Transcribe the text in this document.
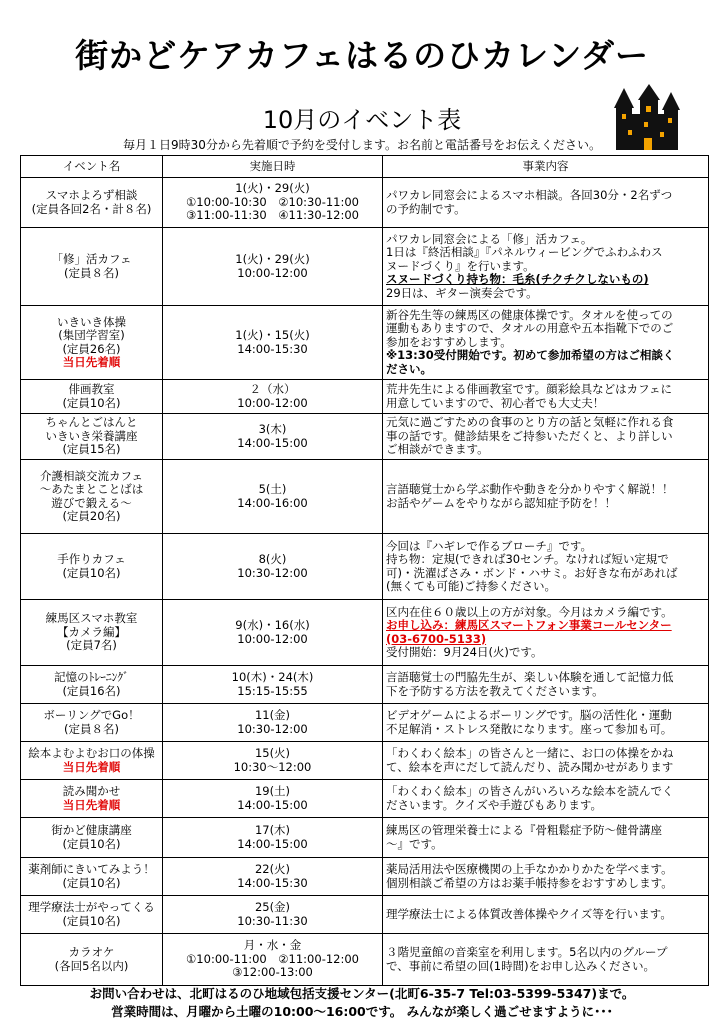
街かどケアカフェはるのひカレンダー
10月のイベント表
毎月１日9時30分から先着順で予約を受付します。お名前と電話番号をお伝えください。
イベント名	実施日時	事業内容

スマホよろず相談
(定員各回2名・計８名)	1(火)・29(火)
①10:00-10:30　②10:30-11:00
③11:00-11:30　④11:30-12:00	パワカレ同窓会によるスマホ相談。各回30分・2名ずつ
の予約制です。

「修」活カフェ
(定員８名)	1(火)・29(火)
10:00-12:00	パワカレ同窓会による「修」活カフェ。
1日は『終活相談』『パネルウィービングでふわふわス
ヌードづくり』を行います。
スヌードづくり持ち物：毛糸(チクチクしないもの)
29日は、ギター演奏会です。

いきいき体操
(集団学習室)
(定員26名)
当日先着順	1(火)・15(火)
14:00-15:30	新谷先生等の練馬区の健康体操です。タオルを使っての
運動もありますので、タオルの用意や五本指靴下でのご
参加をおすすめします。
※13:30受付開始です。初めて参加希望の方はご相談く
ださい。

俳画教室
(定員10名)	２（水）
10:00-12:00	荒井先生による俳画教室です。顔彩絵具などはカフェに
用意していますので、初心者でも大丈夫！

ちゃんとごはんと
いきいき栄養講座
(定員15名)	3(木)
14:00-15:00	元気に過ごすための食事のとり方の話と気軽に作れる食
事の話です。健診結果をご持参いただくと、より詳しい
ご相談ができます。

介護相談交流カフェ
～あたまとことばは
遊びで鍛える～
(定員20名)	5(土)
14:00-16:00	言語聴覚士から学ぶ動作や動きを分かりやすく解説！！
お話やゲームをやりながら認知症予防を！！

手作りカフェ
(定員10名)	8(火)
10:30-12:00	今回は『ハギレで作るブローチ』です。
持ち物：定規(できれば30センチ。なければ短い定規で
可)・洗濯ばさみ・ボンド・ハサミ。お好きな布があれば
(無くても可能)ご持参ください。

練馬区スマホ教室
【カメラ編】
(定員7名)	9(水)・16(水)
10:00-12:00	区内在住６０歳以上の方が対象。今月はカメラ編です。
お申し込み：練馬区スマートフォン事業コールセンター
(03-6700-5133)
受付開始：9月24日(火)です。

記憶のﾄﾚｰﾆﾝｸﾞ
(定員16名)	10(木)・24(木)
15:15-15:55	言語聴覚士の門脇先生が、楽しい体験を通して記憶力低
下を予防する方法を教えてくださいます。

ボーリングでGo！
(定員８名)	11(金)
10:30-12:00	ビデオゲームによるボーリングです。脳の活性化・運動
不足解消・ストレス発散になります。座って参加も可。

絵本よむよむお口の体操
当日先着順	15(火)
10:30～12:00	「わくわく絵本」の皆さんと一緒に、お口の体操をかね
て、絵本を声にだして読んだり、読み聞かせがあります

読み聞かせ
当日先着順	19(土)
14:00-15:00	「わくわく絵本」の皆さんがいろいろな絵本を読んでく
ださいます。クイズや手遊びもあります。

街かど健康講座
(定員10名)	17(木)
14:00-15:00	練馬区の管理栄養士による『骨粗鬆症予防～健骨講座
～』です。

薬剤師にきいてみよう！
(定員10名)	22(火)
14:00-15:30	薬局活用法や医療機関の上手なかかりかたを学べます。
個別相談ご希望の方はお薬手帳持参をおすすめします。

理学療法士がやってくる
(定員10名)	25(金)
10:30-11:30	理学療法士による体質改善体操やクイズ等を行います。

カラオケ
(各回5名以内)	月・水・金
①10:00-11:00　②11:00-12:00
③12:00-13:00	３階児童館の音楽室を利用します。5名以内のグループ
で、事前に希望の回(1時間)をお申し込みください。
お問い合わせは、北町はるのひ地域包括支援センター(北町6-35-7 Tel:03-5399-5347)まで。
営業時間は、月曜から土曜の10:00～16:00です。 みんなが楽しく過ごせますように･･･
